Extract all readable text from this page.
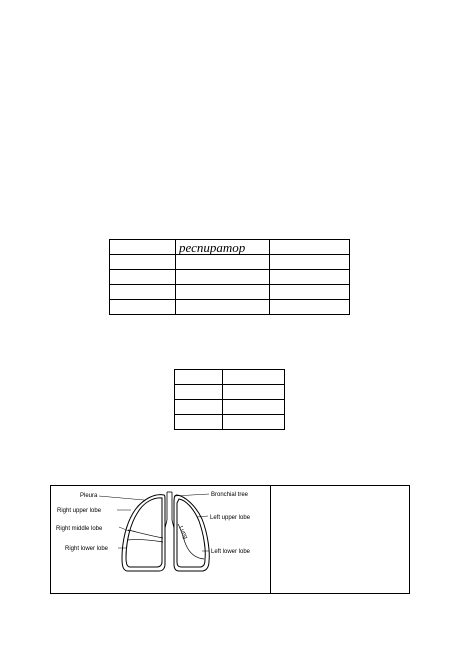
	респиратор	

Pleura
Right upper lobe
Right middle lobe
Right lower lobe
Bronchial tree
Left upper lobe
Lung
Left lower lobe
